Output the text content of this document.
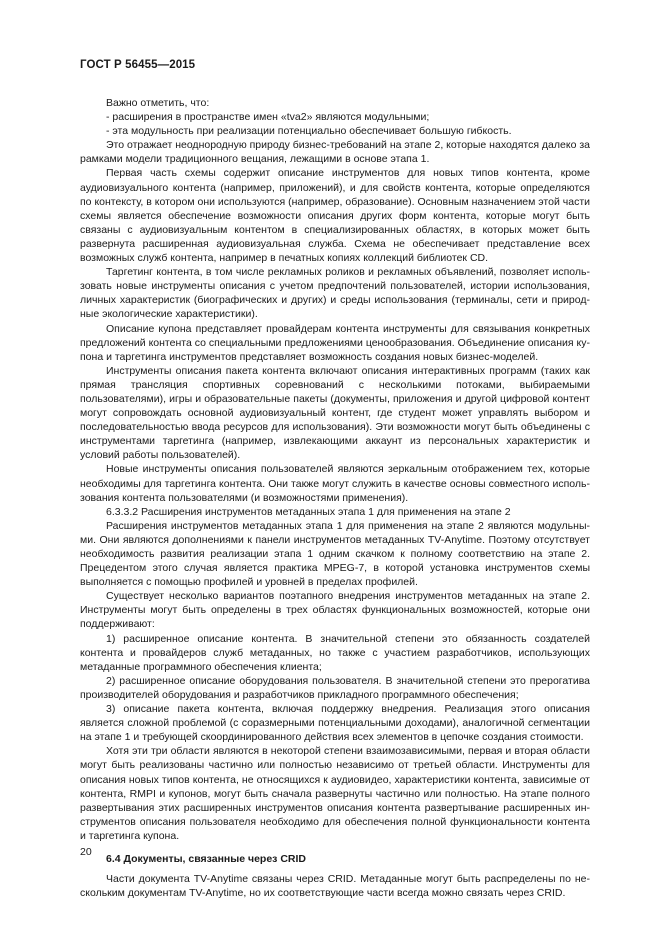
ГОСТ Р 56455—2015

Важно отметить, что:

- расширения в пространстве имен «tva2» являются модульными;

- эта модульность при реализации потенциально обеспечивает большую гибкость.

Это отражает неоднородную природу бизнес-требований на этапе 2, которые находятся далеко за рамками модели традиционного вещания, лежащими в основе этапа 1.

Первая часть схемы содержит описание инструментов для новых типов контента, кроме аудиовизуального контента (например, приложений), и для свойств контента, которые определяются по контексту, в котором они используются (например, образование). Основным назначением этой части схемы является обеспечение возможности описания других форм контента, которые могут быть связаны с аудиовизуальным контентом в специализированных областях, в которых может быть развернута расширенная аудиовизуальная служба. Схема не обеспечивает представление всех возможных служб контента, например в печатных копиях коллекций библиотек CD.

Таргетинг контента, в том числе рекламных роликов и рекламных объявлений, позволяет использовать новые инструменты описания с учетом предпочтений пользователей, истории использования, личных характеристик (биографических и других) и среды использования (терминалы, сети и природные экологические характеристики).

Описание купона представляет провайдерам контента инструменты для связывания конкретных предложений контента со специальными предложениями ценообразования. Объединение описания купона и таргетинга инструментов представляет возможность создания новых бизнес-моделей.

Инструменты описания пакета контента включают описания интерактивных программ (таких как прямая трансляция спортивных соревнований с несколькими потоками, выбираемыми пользователями), игры и образовательные пакеты (документы, приложения и другой цифровой контент могут сопровождать основной аудиовизуальный контент, где студент может управлять выбором и последовательностью ввода ресурсов для использования). Эти возможности могут быть объединены с инструментами таргетинга (например, извлекающими аккаунт из персональных характеристик и условий работы пользователей).

Новые инструменты описания пользователей являются зеркальным отображением тех, которые необходимы для таргетинга контента. Они также могут служить в качестве основы совместного использования контента пользователями (и возможностями применения).

6.3.3.2 Расширения инструментов метаданных этапа 1 для применения на этапе 2

Расширения инструментов метаданных этапа 1 для применения на этапе 2 являются модульными. Они являются дополнениями к панели инструментов метаданных TV-Anytime. Поэтому отсутствует необходимость развития реализации этапа 1 одним скачком к полному соответствию на этапе 2. Прецедентом этого случая является практика MPEG-7, в которой установка инструментов схемы выполняется с помощью профилей и уровней в пределах профилей.

Существует несколько вариантов поэтапного внедрения инструментов метаданных на этапе 2. Инструменты могут быть определены в трех областях функциональных возможностей, которые они поддерживают:

1) расширенное описание контента. В значительной степени это обязанность создателей контента и провайдеров служб метаданных, но также с участием разработчиков, использующих метаданные программного обеспечения клиента;

2) расширенное описание оборудования пользователя. В значительной степени это прерогатива производителей оборудования и разработчиков прикладного программного обеспечения;

3) описание пакета контента, включая поддержку внедрения. Реализация этого описания является сложной проблемой (с соразмерными потенциальными доходами), аналогичной сегментации на этапе 1 и требующей скоординированного действия всех элементов в цепочке создания стоимости.

Хотя эти три области являются в некоторой степени взаимозависимыми, первая и вторая области могут быть реализованы частично или полностью независимо от третьей области. Инструменты для описания новых типов контента, не относящихся к аудиовидео, характеристики контента, зависимые от контента, RMPI и купонов, могут быть сначала развернуты частично или полностью. На этапе полного развертывания этих расширенных инструментов описания контента развертывание расширенных инструментов описания пользователя необходимо для обеспечения полной функциональности контента и таргетинга купона.

6.4 Документы, связанные через CRID

Части документа TV-Anytime связаны через CRID. Метаданные могут быть распределены по нескольким документам TV-Anytime, но их соответствующие части всегда можно связать через CRID.

20
